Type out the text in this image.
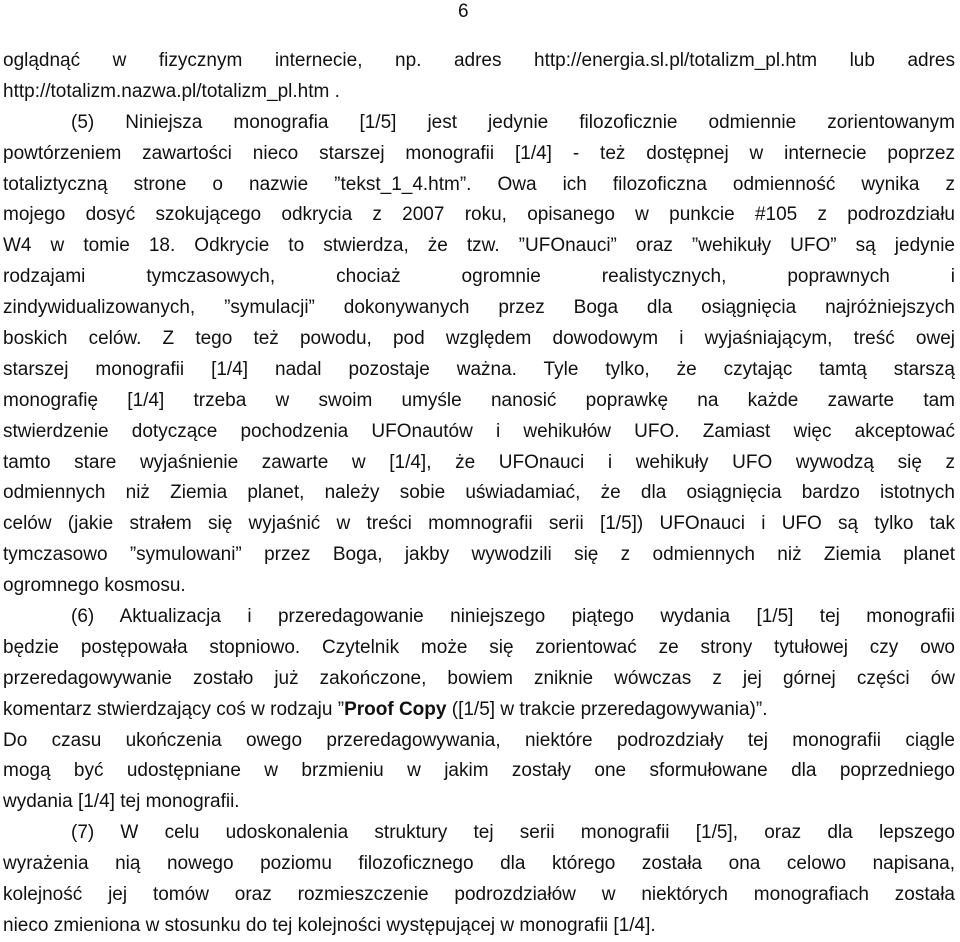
6
oglądnąć w fizycznym internecie, np. adres http://energia.sl.pl/totalizm_pl.htm lub adres
http://totalizm.nazwa.pl/totalizm_pl.htm .
(5) Niniejsza monografia [1/5] jest jedynie filozoficznie odmiennie zorientowanym
powtórzeniem zawartości nieco starszej monografii [1/4] - też dostępnej w internecie poprzez
totaliztyczną strone o nazwie ”tekst_1_4.htm”. Owa ich filozoficzna odmienność wynika z
mojego dosyć szokującego odkrycia z 2007 roku, opisanego w punkcie #105 z podrozdziału
W4 w tomie 18. Odkrycie to stwierdza, że tzw. ”UFOnauci” oraz ”wehikuły UFO” są jedynie
rodzajami tymczasowych, chociaż ogromnie realistycznych, poprawnych i
zindywidualizowanych, ”symulacji” dokonywanych przez Boga dla osiągnięcia najróżniejszych
boskich celów. Z tego też powodu, pod względem dowodowym i wyjaśniającym, treść owej
starszej monografii [1/4] nadal pozostaje ważna. Tyle tylko, że czytając tamtą starszą
monografię [1/4] trzeba w swoim umyśle nanosić poprawkę na każde zawarte tam
stwierdzenie dotyczące pochodzenia UFOnautów i wehikułów UFO. Zamiast więc akceptować
tamto stare wyjaśnienie zawarte w [1/4], że UFOnauci i wehikuły UFO wywodzą się z
odmiennych niż Ziemia planet, należy sobie uświadamiać, że dla osiągnięcia bardzo istotnych
celów (jakie strałem się wyjaśnić w treści momnografii serii [1/5]) UFOnauci i UFO są tylko tak
tymczasowo ”symulowani” przez Boga, jakby wywodzili się z odmiennych niż Ziemia planet
ogromnego kosmosu.
(6) Aktualizacja i przeredagowanie niniejszego piątego wydania [1/5] tej monografii
będzie postępowała stopniowo. Czytelnik może się zorientować ze strony tytułowej czy owo
przeredagowywanie zostało już zakończone, bowiem zniknie wówczas z jej górnej części ów
komentarz stwierdzający coś w rodzaju ”Proof Copy ([1/5] w trakcie przeredagowywania)”.
Do czasu ukończenia owego przeredagowywania, niektóre podrozdziały tej monografii ciągle
mogą być udostępniane w brzmieniu w jakim zostały one sformułowane dla poprzedniego
wydania [1/4] tej monografii.
(7) W celu udoskonalenia struktury tej serii monografii [1/5], oraz dla lepszego
wyrażenia nią nowego poziomu filozoficznego dla którego została ona celowo napisana,
kolejność jej tomów oraz rozmieszczenie podrozdziałów w niektórych monografiach została
nieco zmieniona w stosunku do tej kolejności występującej w monografii [1/4].
